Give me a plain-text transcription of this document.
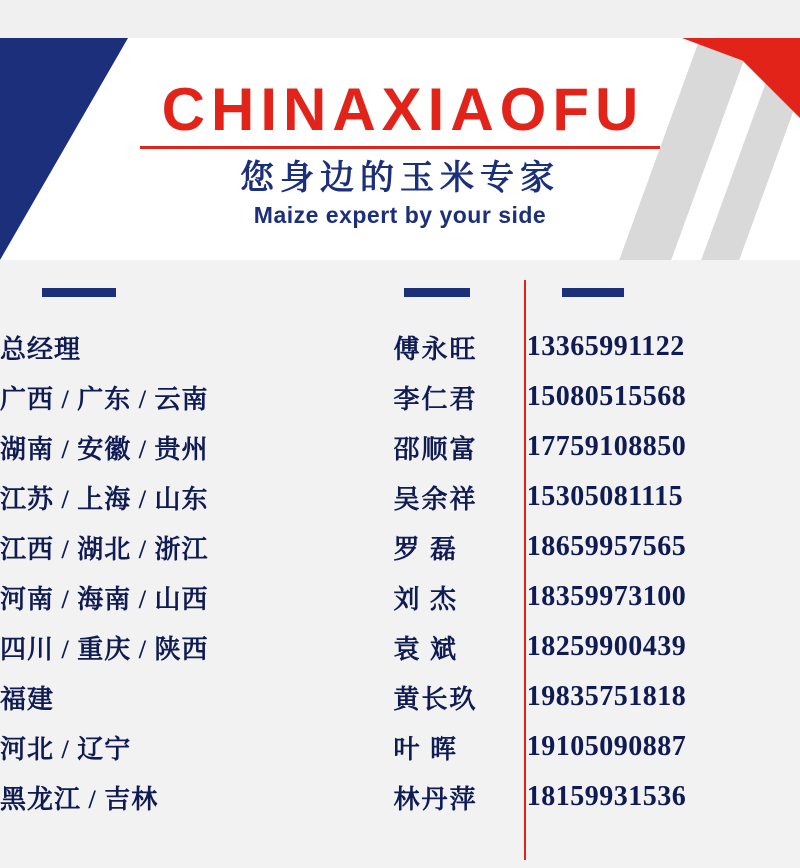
CHINAXIAOFU
您身边的玉米专家
Maize expert by your side
总经理	傅永旺	13365991122
广西 / 广东 / 云南	李仁君	15080515568
湖南 / 安徽 / 贵州	邵顺富	17759108850
江苏 / 上海 / 山东	吴余祥	15305081115
江西 / 湖北 / 浙江	罗 磊	18659957565
河南 / 海南 / 山西	刘 杰	18359973100
四川 / 重庆 / 陕西	袁 斌	18259900439
福建	黄长玖	19835751818
河北 / 辽宁	叶 晖	19105090887
黑龙江 / 吉林	林丹萍	18159931536
